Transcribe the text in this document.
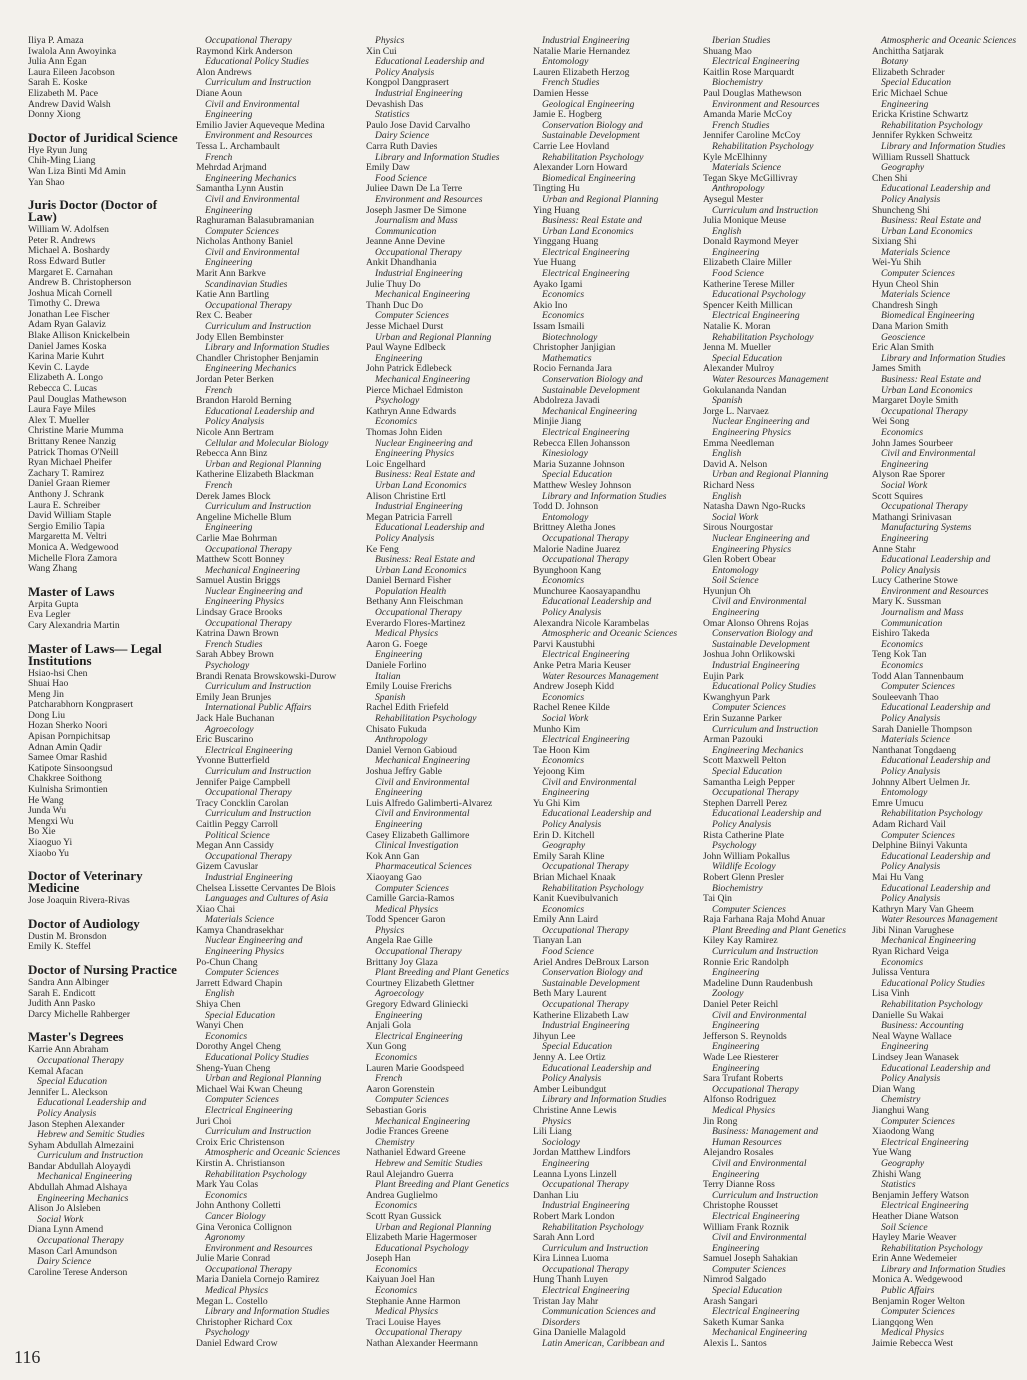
Iliya P. Amaza
Iwalola Ann Awoyinka
Julia Ann Egan
Laura Eileen Jacobson
Sarah E. Koske
Elizabeth M. Pace
Andrew David Walsh
Donny Xiong
Doctor of Juridical Science
Hye Ryun Jung
Chih-Ming Liang
Wan Liza Binti Md Amin
Yan Shao
Juris Doctor (Doctor of Law)
William W. Adolfsen
Peter R. Andrews
Michael A. Boshardy
Ross Edward Butler
Margaret E. Carnahan
Andrew B. Christopherson
Joshua Micah Cornell
Timothy C. Drewa
Jonathan Lee Fischer
Adam Ryan Galaviz
Blake Allison Knickelbein
Daniel James Koska
Karina Marie Kuhrt
Kevin C. Layde
Elizabeth A. Longo
Rebecca C. Lucas
Paul Douglas Mathewson
Laura Faye Miles
Alex T. Mueller
Christine Marie Mumma
Brittany Renee Nanzig
Patrick Thomas O'Neill
Ryan Michael Pheifer
Zachary T. Ramirez
Daniel Graan Riemer
Anthony J. Schrank
Laura E. Schreiber
David William Staple
Sergio Emilio Tapia
Margaretta M. Veltri
Monica A. Wedgewood
Michelle Flora Zamora
Wang Zhang
Master of Laws
Arpita Gupta
Eva Legler
Cary Alexandria Martin
Master of Laws— Legal Institutions
Hsiao-hsi Chen
Shuai Hao
Meng Jin
Patcharabhorn Kongprasert
Dong Liu
Hozan Sherko Noori
Apisan Pornpichitsap
Adnan Amin Qadir
Samee Omar Rashid
Katipote Sinsoongsud
Chakkree Soithong
Kulnisha Srimontien
He Wang
Junda Wu
Mengxi Wu
Bo Xie
Xiaoguo Yi
Xiaobo Yu
Doctor of Veterinary Medicine
Jose Joaquin Rivera-Rivas
Doctor of Audiology
Dustin M. Bronsdon
Emily K. Steffel
Doctor of Nursing Practice
Sandra Ann Albinger
Sarah E. Endicott
Judith Ann Pasko
Darcy Michelle Rahberger
Master's Degrees
Karrie Ann Abraham
Occupational Therapy
Kemal Afacan
Special Education
Jennifer L. Aleckson
Educational Leadership and
Policy Analysis
Jason Stephen Alexander
Hebrew and Semitic Studies
Syham Abdullah Almezaini
Curriculum and Instruction
Bandar Abdullah Aloyaydi
Mechanical Engineering
Abdullah Ahmad Alshaya
Engineering Mechanics
Alison Jo Alsleben
Social Work
Diana Lynn Amend
Occupational Therapy
Mason Carl Amundson
Dairy Science
Caroline Terese Anderson
Occupational Therapy
Raymond Kirk Anderson
Educational Policy Studies
Alon Andrews
Curriculum and Instruction
Diane Aoun
Civil and Environmental
Engineering
Emilio Javier Aqueveque Medina
Environment and Resources
Tessa L. Archambault
French
Mehrdad Arjmand
Engineering Mechanics
Samantha Lynn Austin
Civil and Environmental
Engineering
Raghuraman Balasubramanian
Computer Sciences
Nicholas Anthony Baniel
Civil and Environmental
Engineering
Marit Ann Barkve
Scandinavian Studies
Katie Ann Bartling
Occupational Therapy
Rex C. Beaber
Curriculum and Instruction
Jody Ellen Bembinster
Library and Information Studies
Chandler Christopher Benjamin
Engineering Mechanics
Jordan Peter Berken
French
Brandon Harold Berning
Educational Leadership and
Policy Analysis
Nicole Ann Bertram
Cellular and Molecular Biology
Rebecca Ann Binz
Urban and Regional Planning
Katherine Elizabeth Blackman
French
Derek James Block
Curriculum and Instruction
Angeline Michelle Blum
Engineering
Carlie Mae Bohrman
Occupational Therapy
Matthew Scott Bonney
Mechanical Engineering
Samuel Austin Briggs
Nuclear Engineering and
Engineering Physics
Lindsay Grace Brooks
Occupational Therapy
Katrina Dawn Brown
French Studies
Sarah Abbey Brown
Psychology
Brandi Renata Browskowski-Durow
Curriculum and Instruction
Emily Jean Brunjes
International Public Affairs
Jack Hale Buchanan
Agroecology
Eric Buscarino
Electrical Engineering
Yvonne Butterfield
Curriculum and Instruction
Jennifer Paige Campbell
Occupational Therapy
Tracy Concklin Carolan
Curriculum and Instruction
Caitlin Peggy Carroll
Political Science
Megan Ann Cassidy
Occupational Therapy
Gizem Cavuslar
Industrial Engineering
Chelsea Lissette Cervantes De Blois
Languages and Cultures of Asia
Xiao Chai
Materials Science
Kamya Chandrasekhar
Nuclear Engineering and
Engineering Physics
Po-Chun Chang
Computer Sciences
Jarrett Edward Chapin
English
Shiya Chen
Special Education
Wanyi Chen
Economics
Dorothy Angel Cheng
Educational Policy Studies
Sheng-Yuan Cheng
Urban and Regional Planning
Michael Wai Kwan Cheung
Computer Sciences
Electrical Engineering
Juri Choi
Curriculum and Instruction
Croix Eric Christenson
Atmospheric and Oceanic Sciences
Kirstin A. Christianson
Rehabilitation Psychology
Mark Yau Colas
Economics
John Anthony Colletti
Cancer Biology
Gina Veronica Collignon
Agronomy
Environment and Resources
Julie Marie Conrad
Occupational Therapy
Maria Daniela Cornejo Ramirez
Medical Physics
Megan L. Costello
Library and Information Studies
Christopher Richard Cox
Psychology
Daniel Edward Crow
Physics
Xin Cui
Educational Leadership and
Policy Analysis
Kongpol Dangprasert
Industrial Engineering
Devashish Das
Statistics
Paulo Jose David Carvalho
Dairy Science
Carra Ruth Davies
Library and Information Studies
Emily Daw
Food Science
Juliee Dawn De La Terre
Environment and Resources
Joseph Jasmer De Simone
Journalism and Mass
Communication
Jeanne Anne Devine
Occupational Therapy
Ankit Dhandhania
Industrial Engineering
Julie Thuy Do
Mechanical Engineering
Thanh Duc Do
Computer Sciences
Jesse Michael Durst
Urban and Regional Planning
Paul Wayne Edlbeck
Engineering
John Patrick Edlebeck
Mechanical Engineering
Pierce Michael Edmiston
Psychology
Kathryn Anne Edwards
Economics
Thomas John Eiden
Nuclear Engineering and
Engineering Physics
Loic Engelhard
Business: Real Estate and
Urban Land Economics
Alison Christine Ertl
Industrial Engineering
Megan Patricia Farrell
Educational Leadership and
Policy Analysis
Ke Feng
Business: Real Estate and
Urban Land Economics
Daniel Bernard Fisher
Population Health
Bethany Ann Fleischman
Occupational Therapy
Everardo Flores-Martinez
Medical Physics
Aaron G. Foege
Engineering
Daniele Forlino
Italian
Emily Louise Frerichs
Spanish
Rachel Edith Friefeld
Rehabilitation Psychology
Chisato Fukuda
Anthropology
Daniel Vernon Gabioud
Mechanical Engineering
Joshua Jeffry Gable
Civil and Environmental
Engineering
Luis Alfredo Galimberti-Alvarez
Civil and Environmental
Engineering
Casey Elizabeth Gallimore
Clinical Investigation
Kok Ann Gan
Pharmaceutical Sciences
Xiaoyang Gao
Computer Sciences
Camille Garcia-Ramos
Medical Physics
Todd Spencer Garon
Physics
Angela Rae Gille
Occupational Therapy
Brittany Joy Glaza
Plant Breeding and Plant Genetics
Courtney Elizabeth Glettner
Agroecology
Gregory Edward Gliniecki
Engineering
Anjali Gola
Electrical Engineering
Xun Gong
Economics
Lauren Marie Goodspeed
French
Aaron Gorenstein
Computer Sciences
Sebastian Goris
Mechanical Engineering
Jodie Frances Greene
Chemistry
Nathaniel Edward Greene
Hebrew and Semitic Studies
Raul Alejandro Guerra
Plant Breeding and Plant Genetics
Andrea Guglielmo
Economics
Scott Ryan Gussick
Urban and Regional Planning
Elizabeth Marie Hagermoser
Educational Psychology
Joseph Han
Economics
Kaiyuan Joel Han
Economics
Stephanie Anne Harmon
Medical Physics
Traci Louise Hayes
Occupational Therapy
Nathan Alexander Heermann
Industrial Engineering
Natalie Marie Hernandez
Entomology
Lauren Elizabeth Herzog
French Studies
Damien Hesse
Geological Engineering
Jamie E. Hogberg
Conservation Biology and
Sustainable Development
Carrie Lee Hovland
Rehabilitation Psychology
Alexander Lorn Howard
Biomedical Engineering
Tingting Hu
Urban and Regional Planning
Ying Huang
Business: Real Estate and
Urban Land Economics
Yinggang Huang
Electrical Engineering
Yue Huang
Electrical Engineering
Ayako Igami
Economics
Akio Ino
Economics
Issam Ismaili
Biotechnology
Christopher Janjigian
Mathematics
Rocio Fernanda Jara
Conservation Biology and
Sustainable Development
Abdolreza Javadi
Mechanical Engineering
Minjie Jiang
Electrical Engineering
Rebecca Ellen Johansson
Kinesiology
Maria Suzanne Johnson
Special Education
Matthew Wesley Johnson
Library and Information Studies
Todd D. Johnson
Entomology
Brittney Aletha Jones
Occupational Therapy
Malorie Nadine Juarez
Occupational Therapy
Byunghoon Kang
Economics
Munchuree Kaosayapandhu
Educational Leadership and
Policy Analysis
Alexandra Nicole Karambelas
Atmospheric and Oceanic Sciences
Parvi Kaustubhi
Electrical Engineering
Anke Petra Maria Keuser
Water Resources Management
Andrew Joseph Kidd
Economics
Rachel Renee Kilde
Social Work
Munho Kim
Electrical Engineering
Tae Hoon Kim
Economics
Yejoong Kim
Civil and Environmental
Engineering
Yu Ghi Kim
Educational Leadership and
Policy Analysis
Erin D. Kitchell
Geography
Emily Sarah Kline
Occupational Therapy
Brian Michael Knaak
Rehabilitation Psychology
Kanit Kuevibulvanich
Economics
Emily Ann Laird
Occupational Therapy
Tianyan Lan
Food Science
Ariel Andres DeBroux Larson
Conservation Biology and
Sustainable Development
Beth Mary Laurent
Occupational Therapy
Katherine Elizabeth Law
Industrial Engineering
Jihyun Lee
Special Education
Jenny A. Lee Ortiz
Educational Leadership and
Policy Analysis
Amber Leibundgut
Library and Information Studies
Christine Anne Lewis
Physics
Lili Liang
Sociology
Jordan Matthew Lindfors
Engineering
Leanna Lyons Linzell
Occupational Therapy
Danhan Liu
Industrial Engineering
Robert Mark London
Rehabilitation Psychology
Sarah Ann Lord
Curriculum and Instruction
Kira Linnea Luoma
Occupational Therapy
Hung Thanh Luyen
Electrical Engineering
Tristan Jay Mahr
Communication Sciences and
Disorders
Gina Danielle Malagold
Latin American, Caribbean and
Iberian Studies
Shuang Mao
Electrical Engineering
Kaitlin Rose Marquardt
Biochemistry
Paul Douglas Mathewson
Environment and Resources
Amanda Marie McCoy
French Studies
Jennifer Caroline McCoy
Rehabilitation Psychology
Kyle McElhinny
Materials Science
Tegan Skye McGillivray
Anthropology
Aysegul Mester
Curriculum and Instruction
Julia Monique Meuse
English
Donald Raymond Meyer
Engineering
Elizabeth Claire Miller
Food Science
Katherine Terese Miller
Educational Psychology
Spencer Keith Millican
Electrical Engineering
Natalie K. Moran
Rehabilitation Psychology
Jenna M. Mueller
Special Education
Alexander Mulroy
Water Resources Management
Gokulananda Nandan
Spanish
Jorge L. Narvaez
Nuclear Engineering and
Engineering Physics
Emma Needleman
English
David A. Nelson
Urban and Regional Planning
Richard Ness
English
Natasha Dawn Ngo-Rucks
Social Work
Sirous Nourgostar
Nuclear Engineering and
Engineering Physics
Glen Robert Obear
Entomology
Soil Science
Hyunjun Oh
Civil and Environmental
Engineering
Omar Alonso Ohrens Rojas
Conservation Biology and
Sustainable Development
Joshua John Orlikowski
Industrial Engineering
Eujin Park
Educational Policy Studies
Kwanghyun Park
Computer Sciences
Erin Suzanne Parker
Curriculum and Instruction
Arman Pazouki
Engineering Mechanics
Scott Maxwell Pelton
Special Education
Samantha Leigh Pepper
Occupational Therapy
Stephen Darrell Perez
Educational Leadership and
Policy Analysis
Rista Catherine Plate
Psychology
John William Pokallus
Wildlife Ecology
Robert Glenn Presler
Biochemistry
Tai Qin
Computer Sciences
Raja Farhana Raja Mohd Anuar
Plant Breeding and Plant Genetics
Kiley Kay Ramirez
Curriculum and Instruction
Ronnie Eric Randolph
Engineering
Madeline Dunn Raudenbush
Zoology
Daniel Peter Reichl
Civil and Environmental
Engineering
Jefferson S. Reynolds
Engineering
Wade Lee Riesterer
Engineering
Sara Trufant Roberts
Occupational Therapy
Alfonso Rodriguez
Medical Physics
Jin Rong
Business: Management and
Human Resources
Alejandro Rosales
Civil and Environmental
Engineering
Terry Dianne Ross
Curriculum and Instruction
Christophe Rousset
Electrical Engineering
William Frank Roznik
Civil and Environmental
Engineering
Samuel Joseph Sahakian
Computer Sciences
Nimrod Salgado
Special Education
Arash Sangari
Electrical Engineering
Saketh Kumar Sanka
Mechanical Engineering
Alexis L. Santos
Atmospheric and Oceanic Sciences
Anchittha Satjarak
Botany
Elizabeth Schrader
Special Education
Eric Michael Schue
Engineering
Ericka Kristine Schwartz
Rehabilitation Psychology
Jennifer Rykken Schweitz
Library and Information Studies
William Russell Shattuck
Geography
Chen Shi
Educational Leadership and
Policy Analysis
Shuncheng Shi
Business: Real Estate and
Urban Land Economics
Sixiang Shi
Materials Science
Wei-Yu Shih
Computer Sciences
Hyun Cheol Shin
Materials Science
Chandresh Singh
Biomedical Engineering
Dana Marion Smith
Geoscience
Eric Alan Smith
Library and Information Studies
James Smith
Business: Real Estate and
Urban Land Economics
Margaret Doyle Smith
Occupational Therapy
Wei Song
Economics
John James Sourbeer
Civil and Environmental
Engineering
Alyson Rae Sporer
Social Work
Scott Squires
Occupational Therapy
Mathangi Srinivasan
Manufacturing Systems
Engineering
Anne Stahr
Educational Leadership and
Policy Analysis
Lucy Catherine Stowe
Environment and Resources
Mary K. Sussman
Journalism and Mass
Communication
Eishiro Takeda
Economics
Teng Kok Tan
Economics
Todd Alan Tannenbaum
Computer Sciences
Souleevanh Thao
Educational Leadership and
Policy Analysis
Sarah Danielle Thompson
Materials Science
Nanthanat Tongdaeng
Educational Leadership and
Policy Analysis
Johnny Albert Uelmen Jr.
Entomology
Emre Umucu
Rehabilitation Psychology
Adam Richard Vail
Computer Sciences
Delphine Biinyi Vakunta
Educational Leadership and
Policy Analysis
Mai Hu Vang
Educational Leadership and
Policy Analysis
Kathryn Mary Van Gheem
Water Resources Management
Jibi Ninan Varughese
Mechanical Engineering
Ryan Richard Veiga
Economics
Julissa Ventura
Educational Policy Studies
Lisa Vinh
Rehabilitation Psychology
Danielle Su Wakai
Business: Accounting
Neal Wayne Wallace
Engineering
Lindsey Jean Wanasek
Educational Leadership and
Policy Analysis
Dian Wang
Chemistry
Jianghui Wang
Computer Sciences
Xiaodong Wang
Electrical Engineering
Yue Wang
Geography
Zhishi Wang
Statistics
Benjamin Jeffery Watson
Electrical Engineering
Heather Diane Watson
Soil Science
Hayley Marie Weaver
Rehabilitation Psychology
Erin Anne Wedemeier
Library and Information Studies
Monica A. Wedgewood
Public Affairs
Benjamin Roger Welton
Computer Sciences
Liangqong Wen
Medical Physics
Jaimie Rebecca West
116
